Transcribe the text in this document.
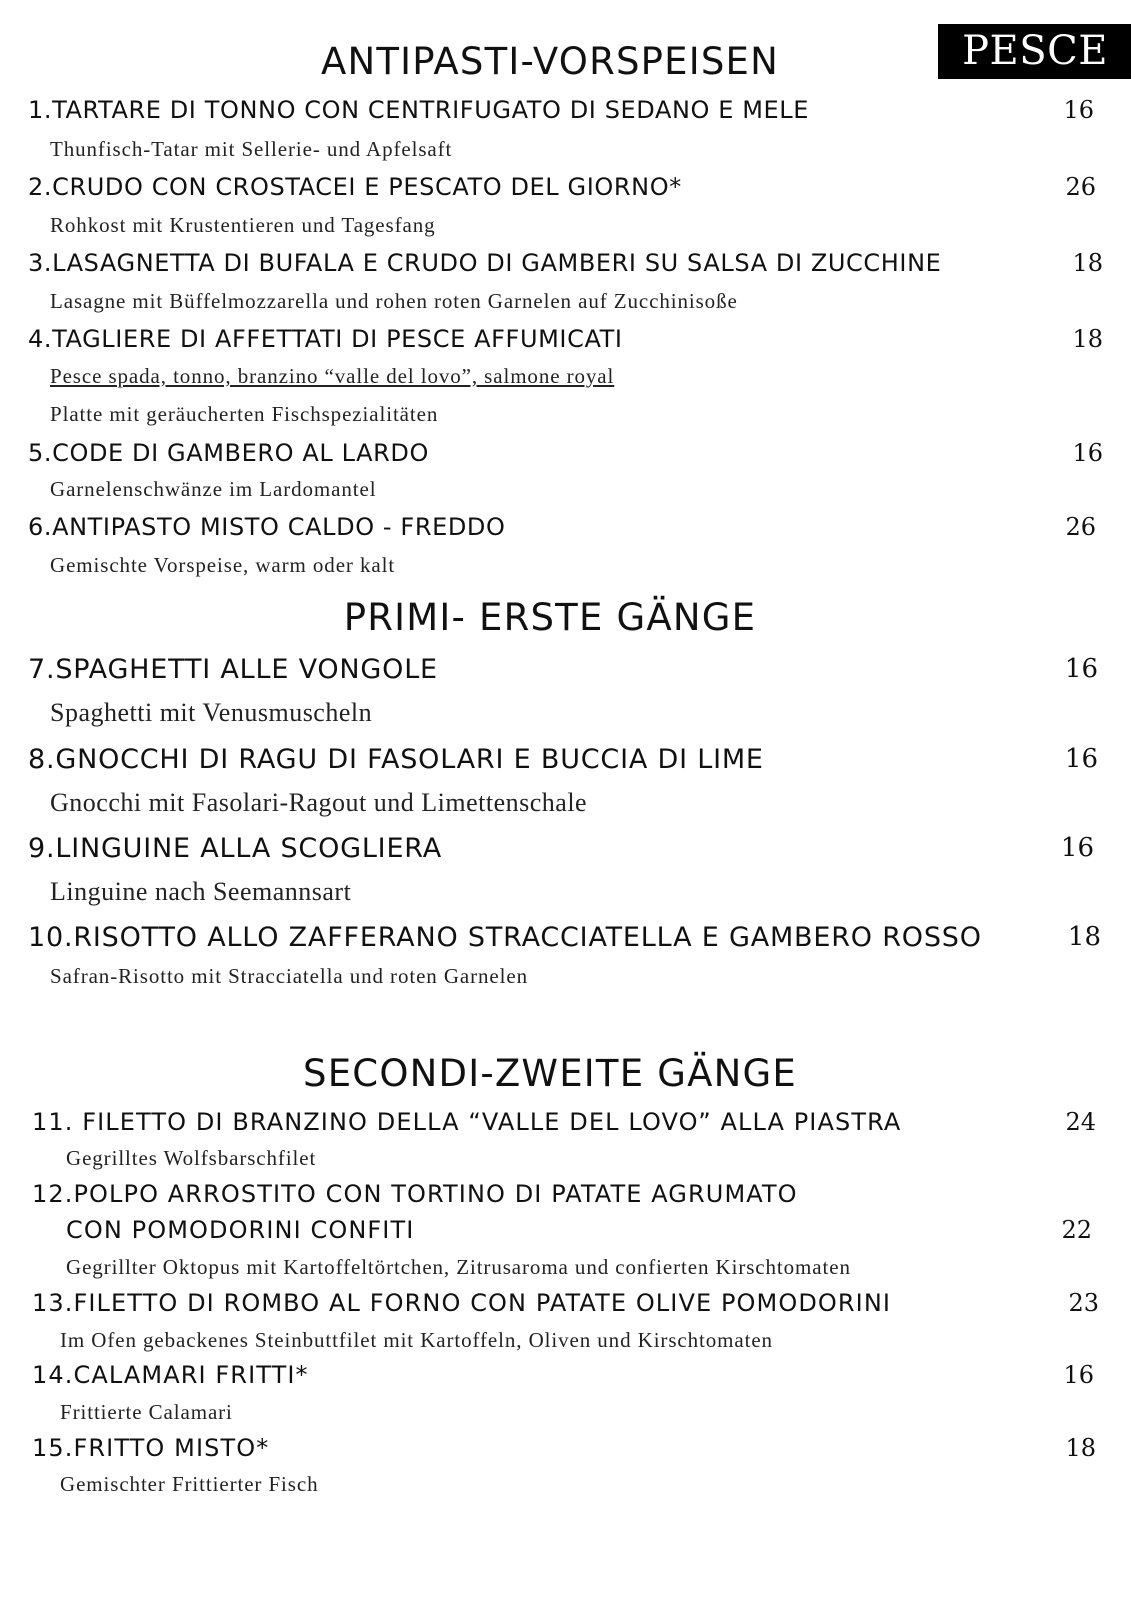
PESCE
ANTIPASTI-VORSPEISEN
1.TARTARE DI TONNO CON CENTRIFUGATO DI SEDANO E MELE	16
Thunfisch-Tatar mit Sellerie- und Apfelsaft
2.CRUDO CON CROSTACEI E PESCATO DEL GIORNO*	26
Rohkost mit Krustentieren und Tagesfang
3.LASAGNETTA DI BUFALA E CRUDO DI GAMBERI SU SALSA DI ZUCCHINE	18
Lasagne mit Büffelmozzarella und rohen roten Garnelen auf Zucchinisoße
4.TAGLIERE DI AFFETTATI DI PESCE AFFUMICATI	18
Pesce spada, tonno, branzino “valle del lovo”, salmone royal
Platte mit geräucherten Fischspezialitäten
5.CODE DI GAMBERO AL LARDO	16
Garnelenschwänze im Lardomantel
6.ANTIPASTO MISTO CALDO - FREDDO	26
Gemischte Vorspeise, warm oder kalt
PRIMI- ERSTE GÄNGE
7.SPAGHETTI ALLE VONGOLE	16
Spaghetti mit Venusmuscheln
8.GNOCCHI DI RAGU DI FASOLARI E BUCCIA DI LIME	16
Gnocchi mit Fasolari-Ragout und Limettenschale
9.LINGUINE ALLA SCOGLIERA	16
Linguine nach Seemannsart
10.RISOTTO ALLO ZAFFERANO STRACCIATELLA E GAMBERO ROSSO	18
Safran-Risotto mit Stracciatella und roten Garnelen
SECONDI-ZWEITE GÄNGE
11. FILETTO DI BRANZINO DELLA “VALLE DEL LOVO” ALLA PIASTRA	24
Gegrilltes Wolfsbarschfilet
12.POLPO ARROSTITO CON TORTINO DI PATATE AGRUMATO
CON POMODORINI CONFITI	22
Gegrillter Oktopus mit Kartoffeltörtchen, Zitrusaroma und confierten Kirschtomaten
13.FILETTO DI ROMBO AL FORNO CON PATATE OLIVE POMODORINI	23
Im Ofen gebackenes Steinbuttfilet mit Kartoffeln, Oliven und Kirschtomaten
14.CALAMARI FRITTI*	16
Frittierte Calamari
15.FRITTO MISTO*	18
Gemischter Frittierter Fisch
